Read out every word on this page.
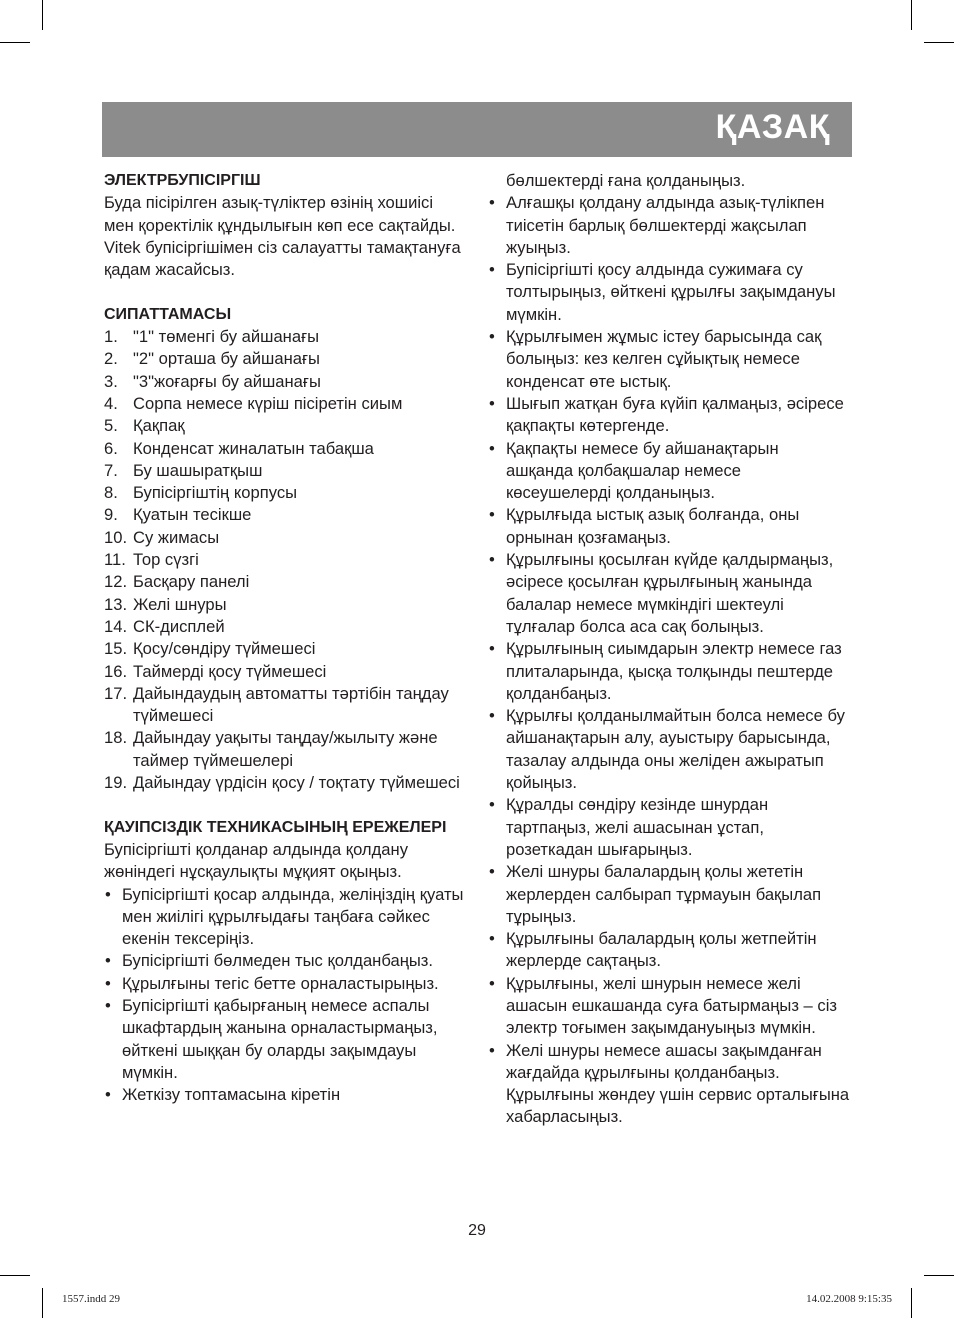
ҚАЗАҚ
ЭЛЕКТРБУПІСІРГІШ

Буда пісірілген азық-түліктер өзінің хошиісі мен қоректілік құндылығын көп есе сақтайды. Vitek бупісіргішімен сіз салауатты тамақтануға қадам жасайсыз.

СИПАТТАМАСЫ
1. "1" төменгі бу айшанағы
2. "2" орташа бу айшанағы
3. "3"жоғарғы бу айшанағы
4. Сорпа немесе күріш пісіретін сиым
5. Қақпақ
6. Конденсат жиналатын табақша
7. Бу шашыратқыш
8. Бупісіргіштің корпусы
9. Қуатын тесікше
10. Су жимасы
11. Тор сүзгі
12. Басқару панелі
13. Желі шнуры
14. СК-дисплей
15. Қосу/сөндіру түймешесі
16. Таймерді қосу түймешесі
17. Дайындаудың автоматты тәртібін таңдау түймешесі
18. Дайындау уақыты таңдау/жылыту және таймер түймешелері
19. Дайындау үрдісін қосу / тоқтату түймешесі
ҚАУІПСІЗДІК ТЕХНИКАСЫНЫҢ ЕРЕЖЕЛЕРІ

Бупісіргішті қолданар алдында қолдану жөніндегі нұсқаулықты мұқият оқыңыз.

• Бупісіргішті қосар алдында, желіңіздің қуаты мен жиілігі құрылғыдағы таңбаға сәйкес екенін тексеріңіз.
• Бупісіргішті бөлмеден тыс қолданбаңыз.
• Құрылғыны тегіс бетте орналастырыңыз.
• Бупісіргішті қабырғаның немесе аспалы шкафтардың жанына орналастырмаңыз, өйткені шыққан бу оларды зақымдауы мүмкін.
• Жеткізу топтамасына кіретін
бөлшектерді ғана қолданыңыз.
• Алғашқы қолдану алдында азық-түлікпен тиісетін барлық бөлшектерді жақсылап жуыңыз.
• Бупісіргішті қосу алдында сужимаға су толтырыңыз, өйткені құрылғы зақымдануы мүмкін.
• Құрылғымен жұмыс істеу барысында сақ болыңыз: кез келген сұйықтық немесе конденсат өте ыстық.
• Шығып жатқан буға күйіп қалмаңыз, әсіресе қақпақты көтергенде.
• Қақпақты немесе бу айшанақтарын ашқанда қолбақшалар немесе көсеушелерді қолданыңыз.
• Құрылғыда ыстық азық болғанда, оны орнынан қозғамаңыз.
• Құрылғыны қосылған күйде қалдырмаңыз, әсіресе қосылған құрылғының жанында балалар немесе мүмкіндігі шектеулі тұлғалар болса аса сақ болыңыз.
• Құрылғының сиымдарын электр немесе газ плиталарында, қысқа толқынды пештерде қолданбаңыз.
• Құрылғы қолданылмайтын болса немесе бу айшанақтарын алу, ауыстыру барысында, тазалау алдында оны желіден ажыратып қойыңыз.
• Құралды сөндіру кезінде шнурдан тартпаңыз, желі ашасынан ұстап, розеткадан шығарыңыз.
• Желі шнуры балалардың қолы жететін жерлерден салбырап тұрмауын бақылап тұрыңыз.
• Құрылғыны балалардың қолы жетпейтін жерлерде сақтаңыз.
• Құрылғыны, желі шнурын немесе желі ашасын ешкашанда суға батырмаңыз – сіз электр тоғымен зақымдануыңыз мүмкін.
• Желі шнуры немесе ашасы зақымданған жағдайда құрылғыны қолданбаңыз. Құрылғыны жөндеу үшін сервис орталығына хабарласыңыз.
29
1557.indd 29	14.02.2008 9:15:35
